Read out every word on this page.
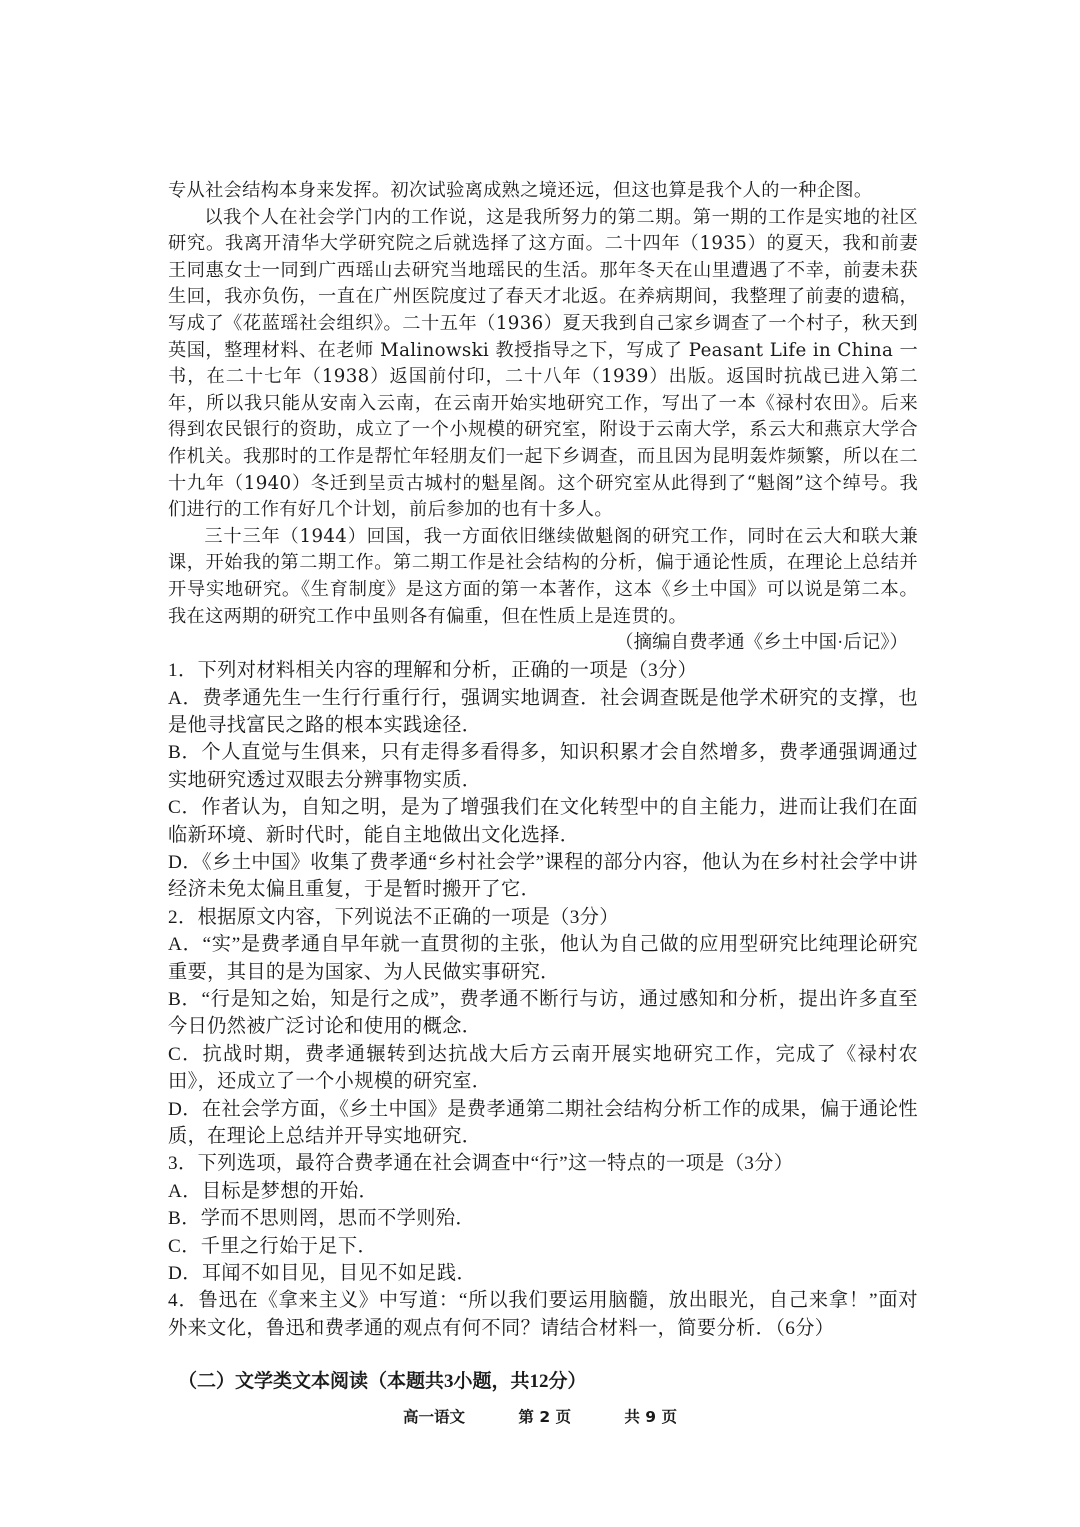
专从社会结构本身来发挥。初次试验离成熟之境还远，但这也算是我个人的一种企图。

以我个人在社会学门内的工作说，这是我所努力的第二期。第一期的工作是实地的社区研究。我离开清华大学研究院之后就选择了这方面。二十四年（1935）的夏天，我和前妻王同惠女士一同到广西瑶山去研究当地瑶民的生活。那年冬天在山里遭遇了不幸，前妻未获生回，我亦负伤，一直在广州医院度过了春天才北返。在养病期间，我整理了前妻的遗稿，写成了《花蓝瑶社会组织》。二十五年（1936）夏天我到自己家乡调查了一个村子，秋天到英国，整理材料、在老师 Malinowski 教授指导之下，写成了 Peasant Life in China 一书，在二十七年（1938）返国前付印，二十八年（1939）出版。返国时抗战已进入第二年，所以我只能从安南入云南，在云南开始实地研究工作，写出了一本《禄村农田》。后来得到农民银行的资助，成立了一个小规模的研究室，附设于云南大学，系云大和燕京大学合作机关。我那时的工作是帮忙年轻朋友们一起下乡调查，而且因为昆明轰炸频繁，所以在二十九年（1940）冬迁到呈贡古城村的魁星阁。这个研究室从此得到了“魁阁”这个绰号。我们进行的工作有好几个计划，前后参加的也有十多人。

三十三年（1944）回国，我一方面依旧继续做魁阁的研究工作，同时在云大和联大兼课，开始我的第二期工作。第二期工作是社会结构的分析，偏于通论性质，在理论上总结并开导实地研究。《生育制度》是这方面的第一本著作，这本《乡土中国》可以说是第二本。我在这两期的研究工作中虽则各有偏重，但在性质上是连贯的。

（摘编自费孝通《乡土中国·后记》）

1．下列对材料相关内容的理解和分析，正确的一项是（3分）

A．费孝通先生一生行行重行行，强调实地调查．社会调查既是他学术研究的支撑，也是他寻找富民之路的根本实践途径．
B．个人直觉与生俱来，只有走得多看得多，知识积累才会自然增多，费孝通强调通过实地研究透过双眼去分辨事物实质．
C．作者认为，自知之明，是为了增强我们在文化转型中的自主能力，进而让我们在面临新环境、新时代时，能自主地做出文化选择．
D．《乡土中国》收集了费孝通“乡村社会学”课程的部分内容，他认为在乡村社会学中讲经济未免太偏且重复，于是暂时搬开了它．

2．根据原文内容，下列说法不正确的一项是（3分）

A．“实”是费孝通自早年就一直贯彻的主张，他认为自己做的应用型研究比纯理论研究重要，其目的是为国家、为人民做实事研究．
B．“行是知之始，知是行之成”，费孝通不断行与访，通过感知和分析，提出许多直至今日仍然被广泛讨论和使用的概念．
C．抗战时期，费孝通辗转到达抗战大后方云南开展实地研究工作，完成了《禄村农田》，还成立了一个小规模的研究室．
D．在社会学方面，《乡土中国》是费孝通第二期社会结构分析工作的成果，偏于通论性质，在理论上总结并开导实地研究．

3．下列选项，最符合费孝通在社会调查中“行”这一特点的一项是（3分）

A．目标是梦想的开始．
B．学而不思则罔，思而不学则殆．
C．千里之行始于足下．
D．耳闻不如目见，目见不如足践．

4．鲁迅在《拿来主义》中写道：“所以我们要运用脑髓，放出眼光，自己来拿！”面对外来文化，鲁迅和费孝通的观点有何不同？请结合材料一，简要分析．（6分）

（二）文学类文本阅读（本题共3小题，共12分）

高一语文	第 2 页	共 9 页
